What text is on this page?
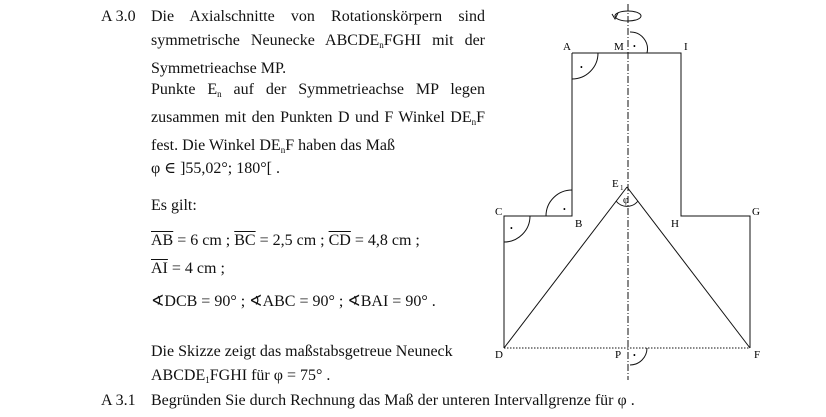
A 3.0 Die Axialschnitte von Rotationskörpern sind symmetrische Neunecke $ABCDE_nFGHI$ mit der Symmetrieachse MP.
Punkte $E_n$ auf der Symmetrieachse MP legen zusammen mit den Punkten D und F Winkel $DE_nF$ fest. Die Winkel $DE_nF$ haben das Maß
φ ∈ ]55,02°; 180°[ .
Es gilt:
$\overline{AB} = 6$ cm ; $\overline{BC} = 2,5$ cm ; $\overline{CD} = 4,8$ cm ;
$\overline{AI} = 4$ cm ;
∢DCB = 90° ; ∢ABC = 90° ; ∢BAI = 90° .
Die Skizze zeigt das maßstabsgetreue Neuneck
$ABCDE_1FGHI$ für φ = 75° .
A 3.1 Begründen Sie durch Rechnung das Maß der unteren Intervallgrenze für φ .
•
•
•
•
•
A	M	I
C
B
E 1
φ
H
G
D	P	F
